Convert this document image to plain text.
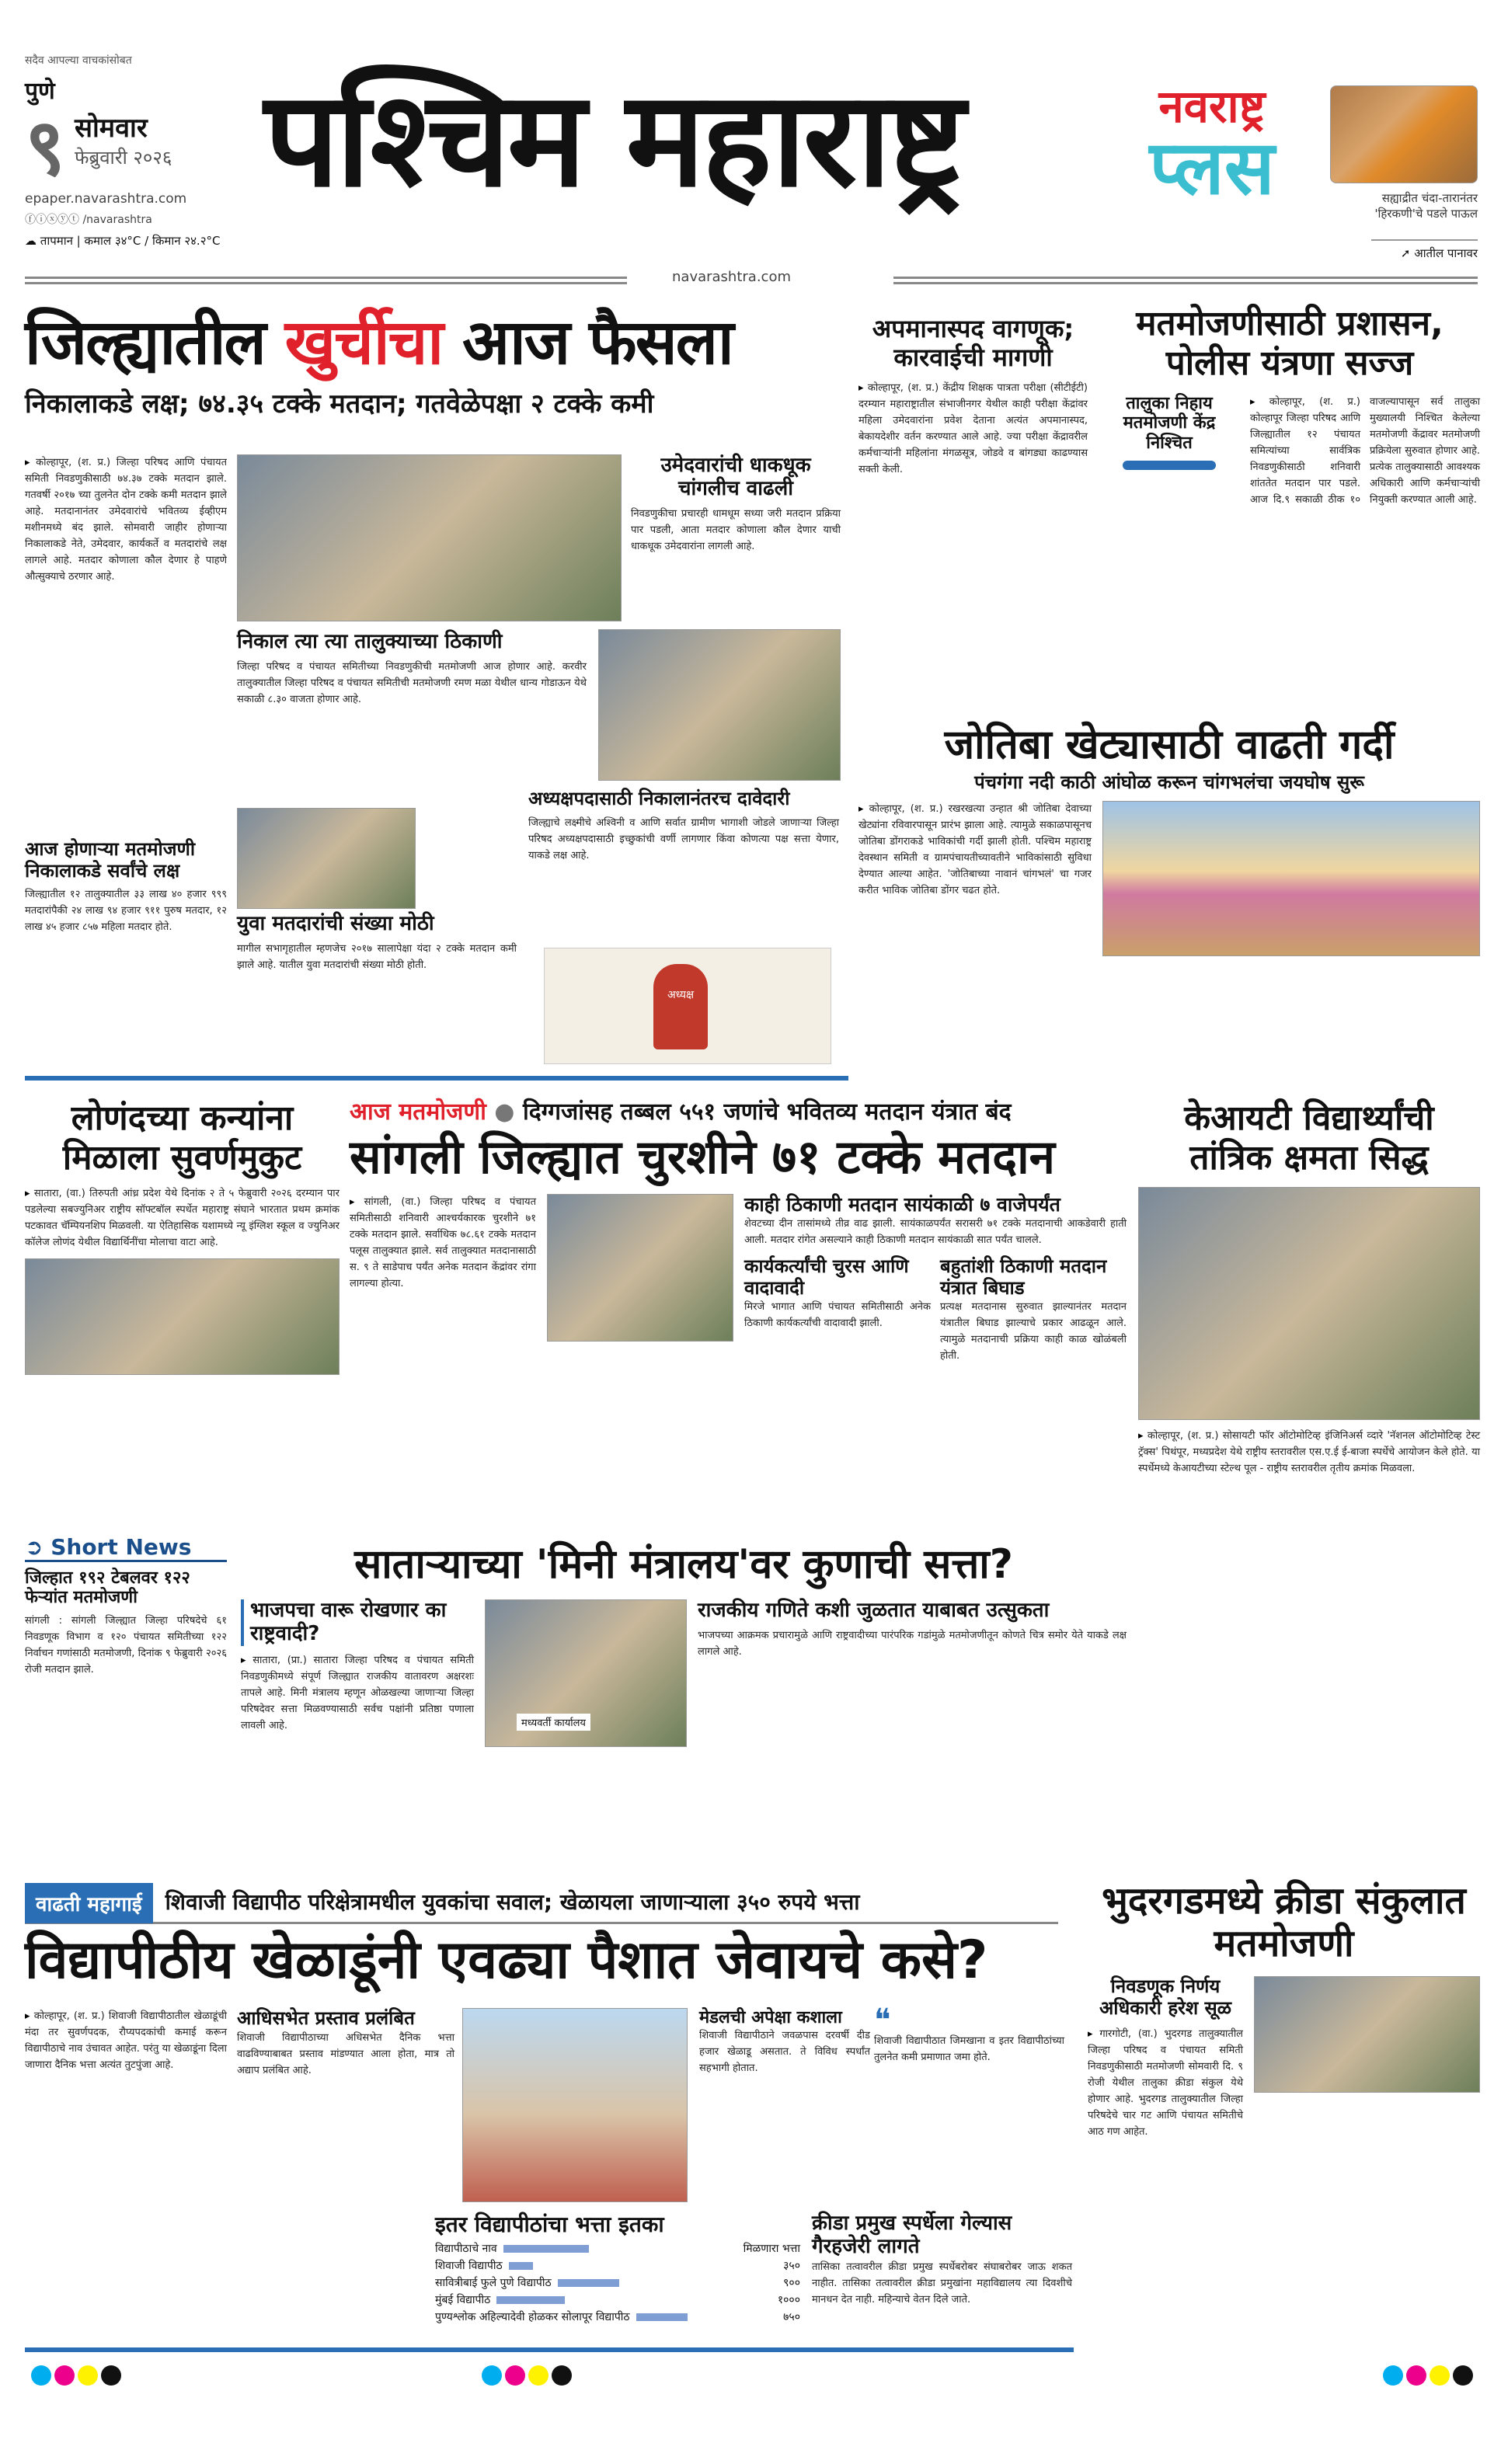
सदैव आपल्या वाचकांसोबत
पुणे
९ सोमवार
फेब्रुवारी २०२६
epaper.navarashtra.com
ⓕⓘⓧⓨⓣ /navarashtra
☁ तापमान | कमाल ३४°C / किमान २४.२°C
पश्चिम महाराष्ट्र	नवराष्ट्र
प्लस	सह्याद्रीत चंदा-तारानंतर 'हिरकणी'चे पडले पाऊल
➚ आतील पानावर
navarashtra.com
जिल्ह्यातील खुर्चीचा आज फैसला
निकालाकडे लक्ष; ७४.३५ टक्के मतदान; गतवेळेपक्षा २ टक्के कमी
▸ कोल्हापूर, (श. प्र.) जिल्हा परिषद आणि पंचायत समिती निवडणुकीसाठी ७४.३७ टक्के मतदान झाले. गतवर्षी २०१७ च्या तुलनेत दोन टक्के कमी मतदान झाले आहे. मतदानानंतर उमेदवारांचे भवितव्य ईव्हीएम मशीनमध्ये बंद झाले. सोमवारी जाहीर होणाऱ्या निकालाकडे नेते, उमेदवार, कार्यकर्ते व मतदारांचे लक्ष लागले आहे. मतदार कोणाला कौल देणार हे पाहणे औत्सुक्याचे ठरणार आहे.
उमेदवारांची धाकधूक चांगलीच वाढली
निवडणुकीचा प्रचारही धामधूम सध्या जरी मतदान प्रक्रिया पार पडली, आता मतदार कोणाला कौल देणार याची धाकधूक उमेदवारांना लागली आहे.
निकाल त्या त्या तालुक्याच्या ठिकाणी
जिल्हा परिषद व पंचायत समितीच्या निवडणुकीची मतमोजणी आज होणार आहे. करवीर तालुक्यातील जिल्हा परिषद व पंचायत समितीची मतमोजणी रमण मळा येथील धान्य गोडाऊन येथे सकाळी ८.३० वाजता होणार आहे.
आज होणाऱ्या मतमोजणी निकालाकडे सर्वांचे लक्ष
जिल्ह्यातील १२ तालुक्यातील ३३ लाख ४० हजार ९९९ मतदारांपैकी २४ लाख ९४ हजार ९११ पुरुष मतदार, १२ लाख ४५ हजार ८५७ महिला मतदार होते.	युवा मतदारांची संख्या मोठी
मागील सभागृहातील म्हणजेच २०१७ सालापेक्षा यंदा २ टक्के मतदान कमी झाले आहे. यातील युवा मतदारांची संख्या मोठी होती.
अध्यक्षपदासाठी निकालानंतरच दावेदारी
जिल्ह्याचे लक्ष्मीचे अश्विनी व आणि सर्वात ग्रामीण भागाशी जोडले जाणाऱ्या जिल्हा परिषद अध्यक्षपदासाठी इच्छुकांची वर्णी लागणार किंवा कोणत्या पक्ष सत्ता येणार, याकडे लक्ष आहे.
अध्यक्ष
अपमानास्पद वागणूक; कारवाईची मागणी
▸ कोल्हापूर, (श. प्र.) केंद्रीय शिक्षक पात्रता परीक्षा (सीटीईटी) दरम्यान महाराष्ट्रातील संभाजीनगर येथील काही परीक्षा केंद्रांवर महिला उमेदवारांना प्रवेश देताना अत्यंत अपमानास्पद, बेकायदेशीर वर्तन करण्यात आले आहे. ज्या परीक्षा केंद्रावरील कर्मचाऱ्यांनी महिलांना मंगळसूत्र, जोडवे व बांगड्या काढण्यास सक्ती केली.
मतमोजणीसाठी प्रशासन, पोलीस यंत्रणा सज्ज
तालुका निहाय मतमोजणी केंद्र निश्चित
▸ कोल्हापूर, (श. प्र.) कोल्हापूर जिल्हा परिषद आणि जिल्ह्यातील १२ पंचायत समित्यांच्या सार्वत्रिक निवडणुकीसाठी शनिवारी शांततेत मतदान पार पडले. आज दि.९ सकाळी ठीक १० वाजल्यापासून सर्व तालुका मुख्यालयी निश्चित केलेल्या मतमोजणी केंद्रावर मतमोजणी प्रक्रियेला सुरुवात होणार आहे. प्रत्येक तालुक्यासाठी आवश्यक अधिकारी आणि कर्मचाऱ्यांची नियुक्ती करण्यात आली आहे.
जोतिबा खेट्यासाठी वाढती गर्दी
पंचगंगा नदी काठी आंघोळ करून चांगभलंचा जयघोष सुरू
▸ कोल्हापूर, (श. प्र.) रखरखत्या उन्हात श्री जोतिबा देवाच्या खेट्यांना रविवारपासून प्रारंभ झाला आहे. त्यामुळे सकाळपासूनच जोतिबा डोंगराकडे भाविकांची गर्दी झाली होती. पश्चिम महाराष्ट्र देवस्थान समिती व ग्रामपंचायतीच्यावतीने भाविकांसाठी सुविधा देण्यात आल्या आहेत. 'जोतिबाच्या नावानं चांगभलं' चा गजर करीत भाविक जोतिबा डोंगर चढत होते.
लोणंदच्या कन्यांना मिळाला सुवर्णमुकुट
▸ सातारा, (वा.) तिरुपती आंध्र प्रदेश येथे दिनांक २ ते ५ फेब्रुवारी २०२६ दरम्यान पार पडलेल्या सबज्युनिअर राष्ट्रीय सॉफ्टबॉल स्पर्धेत महाराष्ट्र संघाने भारतात प्रथम क्रमांक पटकावत चॅम्पियनशिप मिळवली. या ऐतिहासिक यशामध्ये न्यू इंग्लिश स्कूल व ज्युनिअर कॉलेज लोणंद येथील विद्यार्थिनींचा मोलाचा वाटा आहे.
आज मतमोजणी ● दिग्गजांसह तब्बल ५५१ जणांचे भवितव्य मतदान यंत्रात बंद
सांगली जिल्ह्यात चुरशीने ७१ टक्के मतदान
▸ सांगली, (वा.) जिल्हा परिषद व पंचायत समितीसाठी शनिवारी आश्चर्यकारक चुरशीने ७१ टक्के मतदान झाले. सर्वाधिक ७८.६१ टक्के मतदान पलूस तालुक्यात झाले. सर्व तालुक्यात मतदानासाठी स. ९ ते साडेपाच पर्यंत अनेक मतदान केंद्रांवर रांगा लागल्या होत्या.
काही ठिकाणी मतदान सायंकाळी ७ वाजेपर्यंत
शेवटच्या दीन तासांमध्ये तीव्र वाढ झाली. सायंकाळपर्यंत सरासरी ७१ टक्के मतदानाची आकडेवारी हाती आली. मतदार रांगेत असल्याने काही ठिकाणी मतदान सायंकाळी सात पर्यंत चालले.
कार्यकर्त्यांची चुरस आणि वादावादी
मिरजे भागात आणि पंचायत समितीसाठी अनेक ठिकाणी कार्यकर्त्यांची वादावादी झाली.
बहुतांशी ठिकाणी मतदान यंत्रात बिघाड
प्रत्यक्ष मतदानास सुरुवात झाल्यानंतर मतदान यंत्रातील बिघाड झाल्याचे प्रकार आढळून आले. त्यामुळे मतदानाची प्रक्रिया काही काळ खोळंबली होती.
केआयटी विद्यार्थ्यांची तांत्रिक क्षमता सिद्ध
▸ कोल्हापूर, (श. प्र.) सोसायटी फॉर ऑटोमोटिव्ह इंजिनिअर्स व्दारे 'नॅशनल ऑटोमोटिव्ह टेस्ट ट्रॅक्स' पिथंपूर, मध्यप्रदेश येथे राष्ट्रीय स्तरावरील एस.ए.ई ई-बाजा स्पर्धेचे आयोजन केले होते. या स्पर्धेमध्ये केआयटीच्या स्टेल्थ पूल - राष्ट्रीय स्तरावरील तृतीय क्रमांक मिळवला.
➲ Short News
जिल्हात १९२ टेबलवर १२२ फेऱ्यांत मतमोजणी
सांगली : सांगली जिल्ह्यात जिल्हा परिषदेचे ६१ निवडणूक विभाग व १२० पंचायत समितीच्या १२२ निर्वाचन गणांसाठी मतमोजणी, दिनांक ९ फेब्रुवारी २०२६ रोजी मतदान झाले.
साताऱ्याच्या 'मिनी मंत्रालय'वर कुणाची सत्ता?
भाजपचा वारू रोखणार का राष्ट्रवादी?
▸ सातारा, (प्रा.) सातारा जिल्हा परिषद व पंचायत समिती निवडणुकीमध्ये संपूर्ण जिल्ह्यात राजकीय वातावरण अक्षरशः तापले आहे. मिनी मंत्रालय म्हणून ओळखल्या जाणाऱ्या जिल्हा परिषदेवर सत्ता मिळवण्यासाठी सर्वच पक्षांनी प्रतिष्ठा पणाला लावली आहे.	मध्यवर्ती कार्यालय
राजकीय गणिते कशी जुळतात याबाबत उत्सुकता
भाजपच्या आक्रमक प्रचारामुळे आणि राष्ट्रवादीच्या पारंपरिक गडांमुळे मतमोजणीतून कोणते चित्र समोर येते याकडे लक्ष लागले आहे.
वाढती महागाई	शिवाजी विद्यापीठ परिक्षेत्रामधील युवकांचा सवाल; खेळायला जाणाऱ्याला ३५० रुपये भत्ता
विद्यापीठीय खेळाडूंनी एवढ्या पैशात जेवायचे कसे?
▸ कोल्हापूर, (श. प्र.) शिवाजी विद्यापीठातील खेळाडूंची मंदा तर सुवर्णपदक, रौप्यपदकांची कमाई करून विद्यापीठाचे नाव उंचावत आहेत. परंतु या खेळाडूंना दिला जाणारा दैनिक भत्ता अत्यंत तुटपुंजा आहे.
आधिसभेत प्रस्ताव प्रलंबित
शिवाजी विद्यापीठाच्या अधिसभेत दैनिक भत्ता वाढविण्याबाबत प्रस्ताव मांडण्यात आला होता, मात्र तो अद्याप प्रलंबित आहे.
मेडलची अपेक्षा कशाला
शिवाजी विद्यापीठाने जवळपास दरवर्षी दीड हजार खेळाडू असतात. ते विविध स्पर्धांत सहभागी होतात.
❝
शिवाजी विद्यापीठात जिमखाना व इतर विद्यापीठांच्या तुलनेत कमी प्रमाणात जमा होते.
इतर विद्यापीठांचा भत्ता इतका
विद्यापीठाचे नाव	मिळणारा भत्ता
शिवाजी विद्यापीठ	३५०
सावित्रीबाई फुले पुणे विद्यापीठ	९००
मुंबई विद्यापीठ	१०००
पुण्यश्लोक अहिल्यादेवी होळकर सोलापूर विद्यापीठ	७५०
क्रीडा प्रमुख स्पर्धेला गेल्यास गैरहजेरी लागते
तासिका तत्वावरील क्रीडा प्रमुख स्पर्धेबरोबर संघाबरोबर जाऊ शकत नाहीत. तासिका तत्वावरील क्रीडा प्रमुखांना महाविद्यालय त्या दिवशीचे मानधन देत नाही. महिन्याचे वेतन दिले जाते.
भुदरगडमध्ये क्रीडा संकुलात मतमोजणी
निवडणूक निर्णय अधिकारी हरेश सूळ
▸ गारगोटी, (वा.) भुदरगड तालुक्यातील जिल्हा परिषद व पंचायत समिती निवडणुकीसाठी मतमोजणी सोमवारी दि. ९ रोजी येथील तालुका क्रीडा संकुल येथे होणार आहे. भुदरगड तालुक्यातील जिल्हा परिषदेचे चार गट आणि पंचायत समितीचे आठ गण आहेत.
